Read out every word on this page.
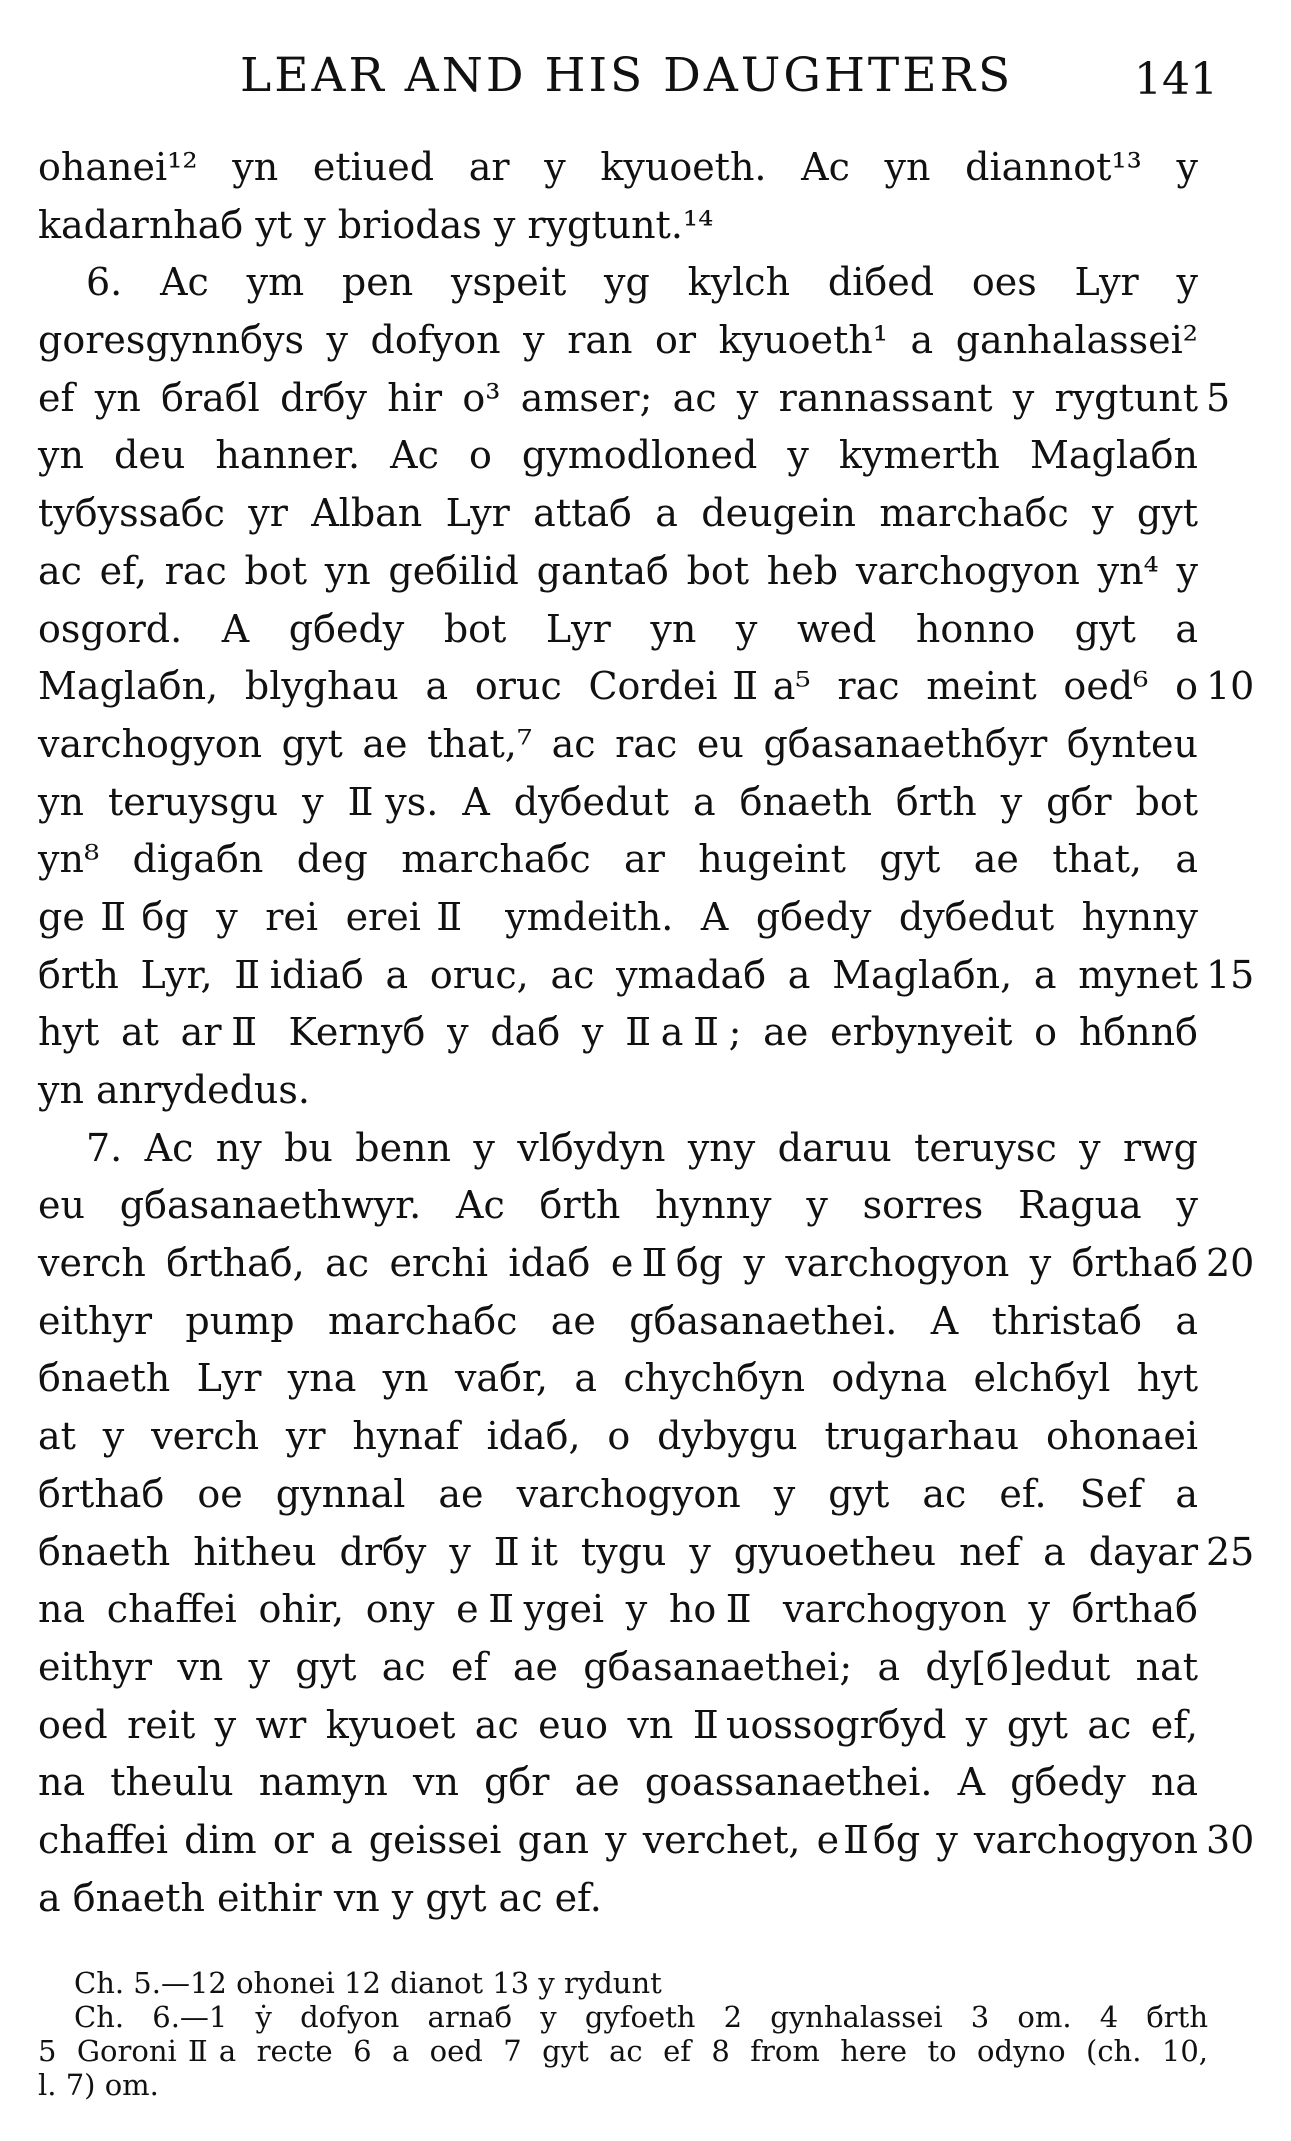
LEAR AND HIS DAUGHTERS	141
ohanei¹² yn etiued ar y kyuoeth. Ac yn diannot¹³ y
kadarnhaб yt y briodas y rygtunt.¹⁴
6. Ac ym pen yspeit yg kylch diбed oes Lyr y
goresgynnбys y dofyon y ran or kyuoeth¹ a ganhalassei²
ef yn бraбl drбy hir o³ amser; ac y rannassant y rygtunt
yn deu hanner. Ac o gymodloned y kymerth Maglaбn
tyбyssaбc yr Alban Lyr attaб a deugein marchaбc y gyt
ac ef, rac bot yn geбilid gantaб bot heb varchogyon yn⁴ y
osgord. A gбedy bot Ⅼyr yn y wed honno gyt a
Maglaбn, blyghau a oruc CordeiⅡa⁵ rac meint oed⁶ o
varchogyon gyt ae that,⁷ ac rac eu gбasanaethбyr бynteu
yn teruysgu y Ⅱys. A dyбedut a бnaeth бrth y gбr bot
yn⁸ digaбn deg marchaбc ar hugeint gyt ae that, a
geⅡбg y rei ereiⅡ ymdeith. A gбedy dyбedut hynny
бrth Lyr, Ⅱidiaб a oruc, ac ymadaб a Maglaбn, a mynet
hyt at arⅡ Kernyб y daб y ⅡaⅡ; ae erbynyeit o hбnnб
yn anrydedus.
7. Ac ny bu benn y vlбydyn yny daruu teruysc y rwg
eu gбasanaethwyr. Ac бrth hynny y sorres Ragua y
verch бrthaб, ac erchi idaб eⅡбg y varchogyon y бrthaб
eithyr pump marchaбc ae gбasanaethei. A thristaб a
бnaeth Ⅼyr yna yn vaбr, a chychбyn odyna elchбyl hyt
at y verch yr hynaf idaб, o dybygu trugarhau ohonaei
бrthaб oe gynnal ae varchogyon y gyt ac ef. Sef a
бnaeth hitheu drбy y Ⅱit tygu y gyuoetheu nef a dayar
na chaffei ohir, ony eⅡygei y hoⅡ varchogyon y бrthaб
eithyr vn y gyt ac ef ae gбasanaethei; a dy[б]edut nat
oed reit y wr kyuoet ac euo vn Ⅱuossogrбyd y gyt ac ef,
na theulu namyn vn gбr ae goassanaethei. A gбedy na
chaffei dim or a geissei gan y verchet, eⅡбg y varchogyon
a бnaeth eithir vn y gyt ac ef.
5
10
15
20
25
30
Ch. 5.—12 ohonei 12 dianot 13 y rydunt
Ch. 6.—1 ẏ dofyon arnaб y gyfoeth 2 gynhalassei 3 om. 4 бrth
5 GoroniⅡa recte 6 a oed 7 gyt ac ef 8 from here to odyno (ch. 10,
l. 7) om.
